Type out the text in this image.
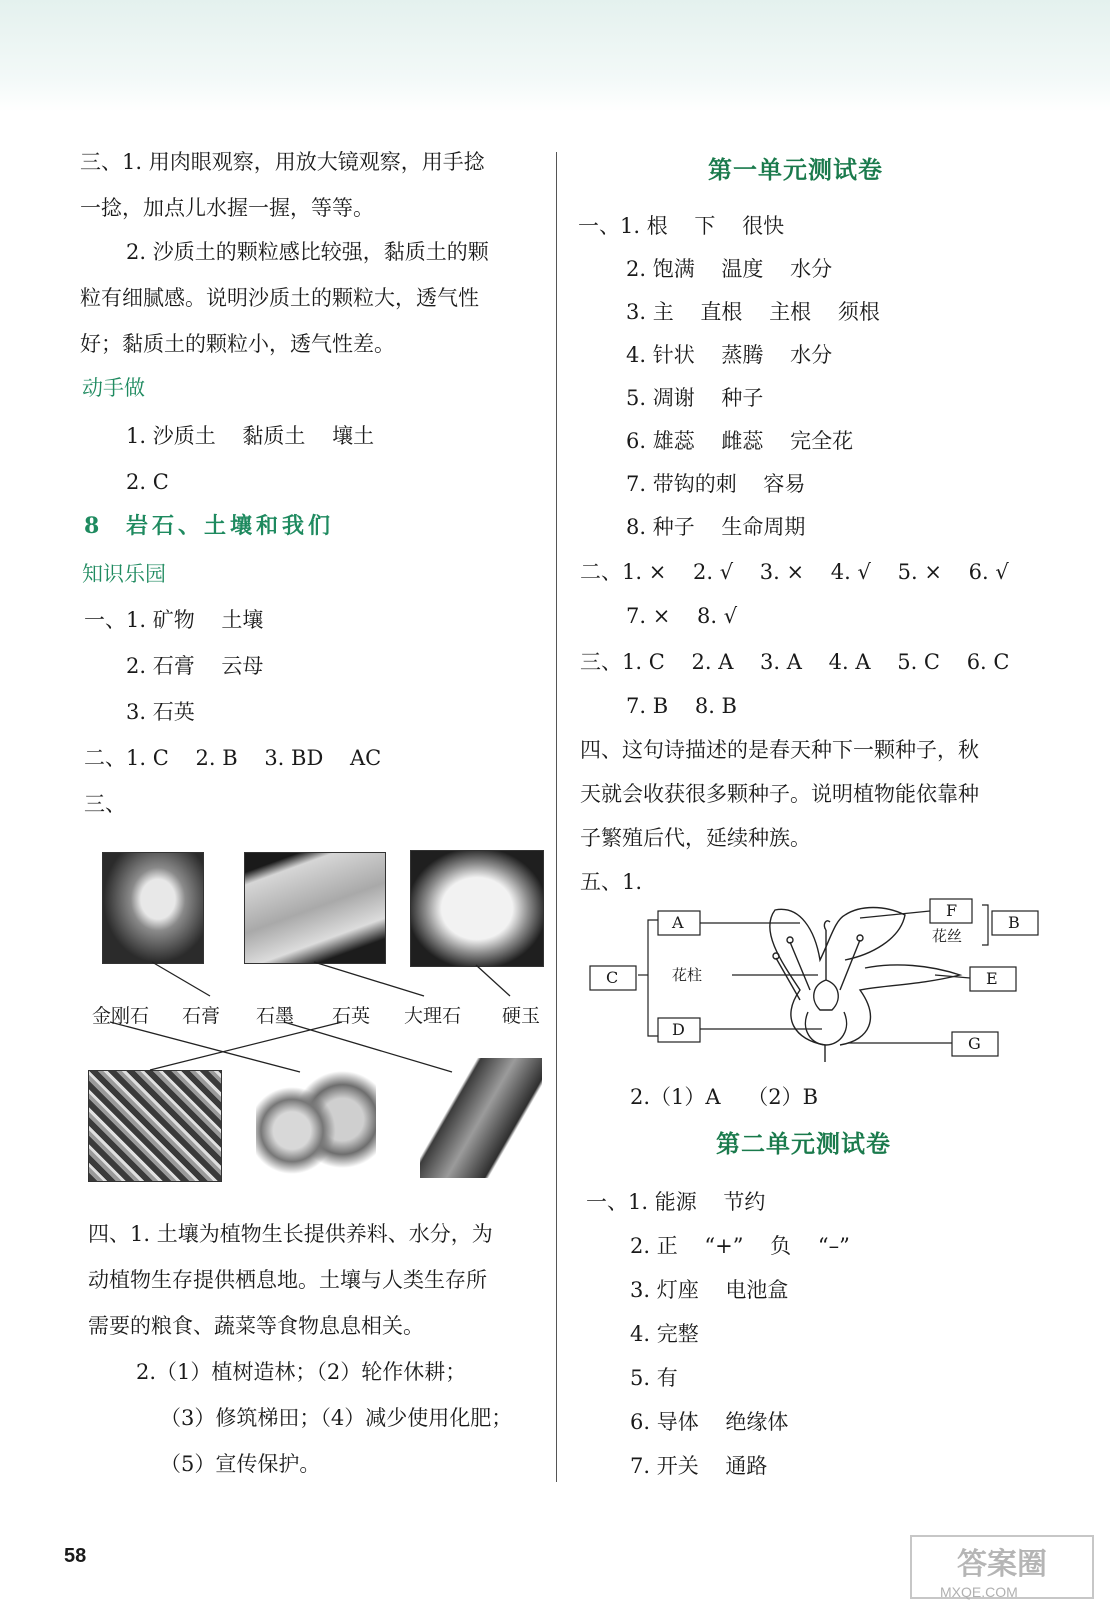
三、1. 用肉眼观察，用放大镜观察，用手捻
一捻，加点儿水握一握，等等。
2. 沙质土的颗粒感比较强，黏质土的颗
粒有细腻感。说明沙质土的颗粒大，透气性
好；黏质土的颗粒小，透气性差。
动手做
1. 沙质土    黏质土    壤土
2. C
8 岩石、土壤和我们
知识乐园
一、1. 矿物    土壤
2. 石膏    云母
3. 石英
二、1. C    2. B    3. BD    AC
三、
金刚石 石膏 石墨 石英 大理石 硬玉
四、1. 土壤为植物生长提供养料、水分，为
动植物生存提供栖息地。土壤与人类生存所
需要的粮食、蔬菜等食物息息相关。
2.（1）植树造林；（2）轮作休耕；
（3）修筑梯田；（4）减少使用化肥；
（5）宣传保护。
第一单元测试卷
一、1. 根    下    很快
2. 饱满    温度    水分
3. 主    直根    主根    须根
4. 针状    蒸腾    水分
5. 凋谢    种子
6. 雄蕊    雌蕊    完全花
7. 带钩的刺    容易
8. 种子    生命周期
二、1. ×    2. √    3. ×    4. √    5. ×    6. √
7. ×    8. √
三、1. C    2. A    3. A    4. A    5. C    6. C
7. B    8. B
四、这句诗描述的是春天种下一颗种子，秋
天就会收获很多颗种子。说明植物能依靠种
子繁殖后代，延续种族。
五、1.
A
C
D
F
B
E
G
花丝
花柱
2.（1）A    （2）B
第二单元测试卷
一、1. 能源    节约
2. 正    “+”    负    “–”
3. 灯座    电池盒
4. 完整
5. 有
6. 导体    绝缘体
7. 开关    通路
58	答案圈
MXQE.COM
